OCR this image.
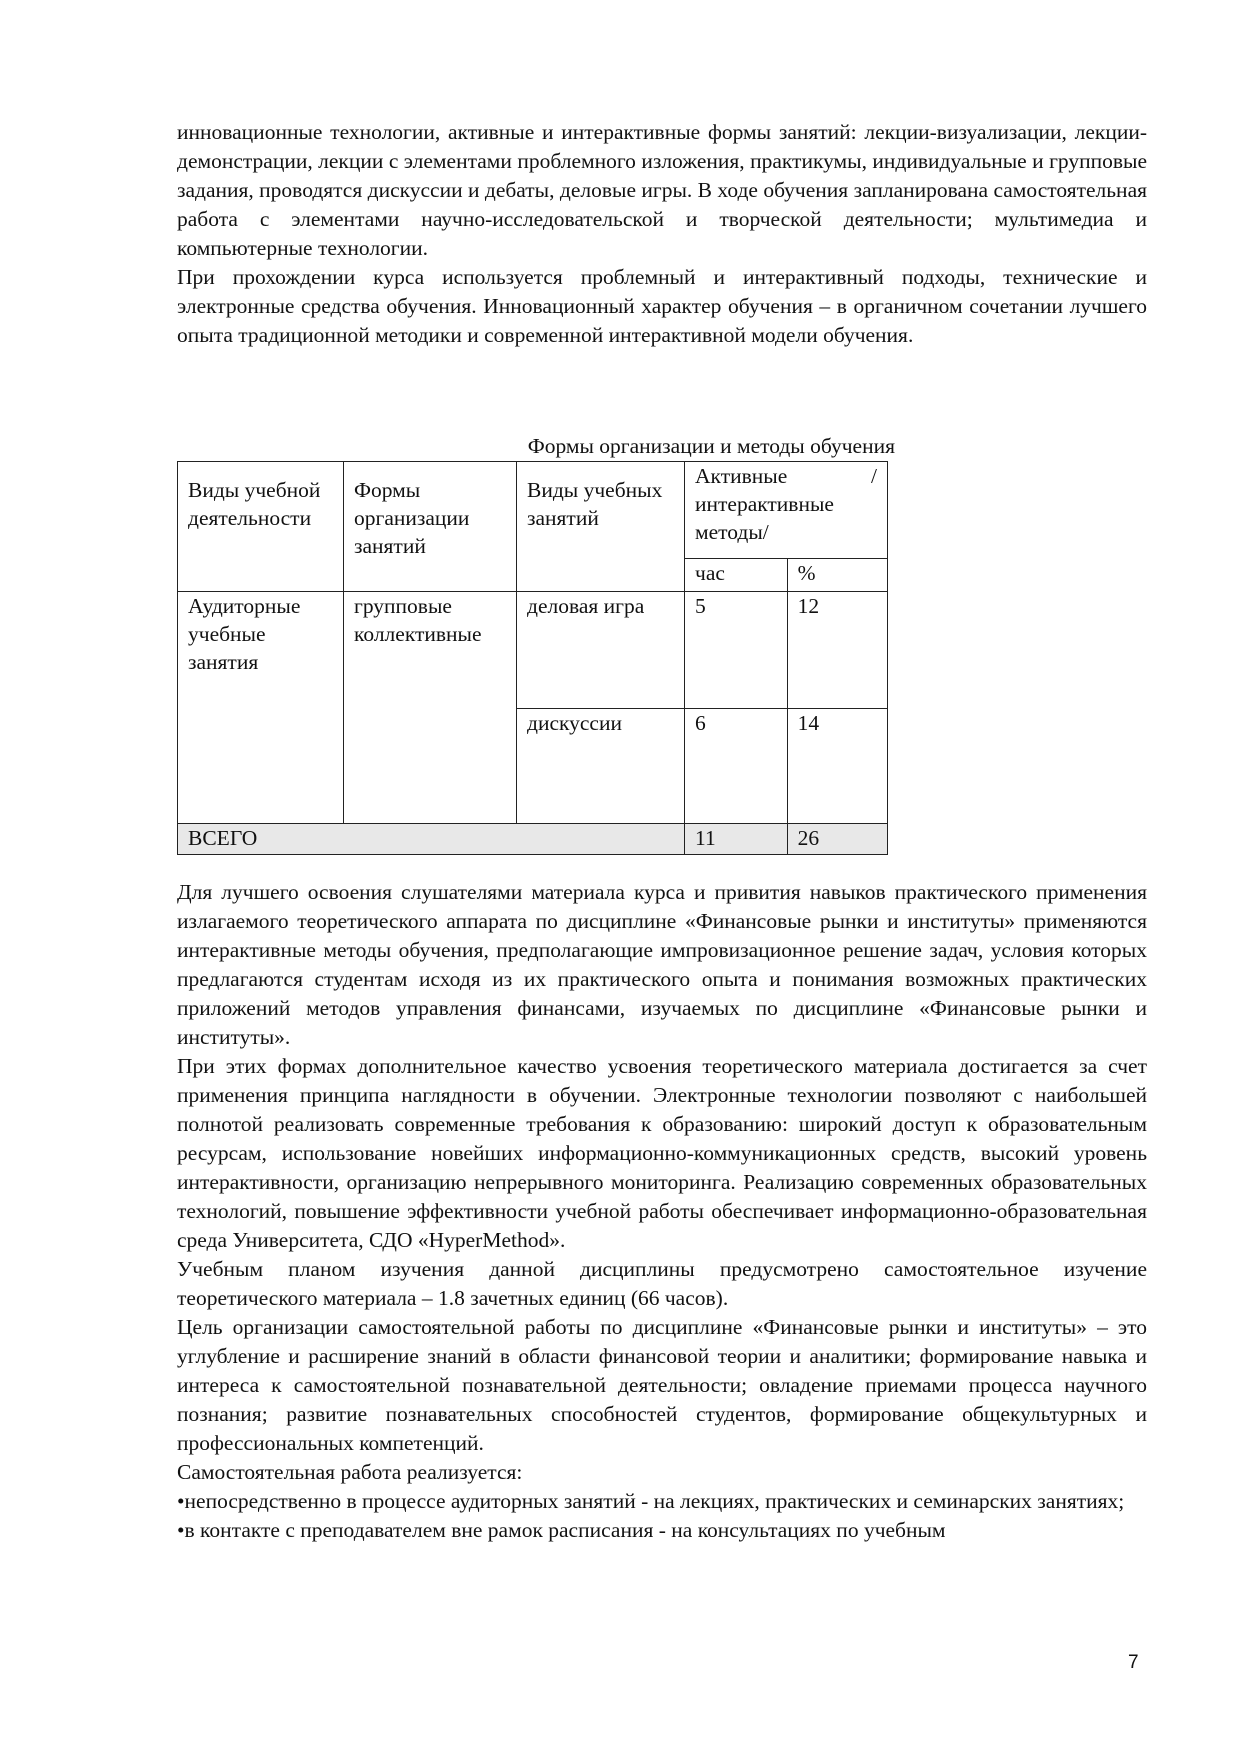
инновационные технологии, активные и интерактивные формы занятий: лекции-визуализации, лекции-демонстрации, лекции с элементами проблемного изложения, практикумы, индивидуальные и групповые задания, проводятся дискуссии и дебаты, деловые игры. В ходе обучения запланирована самостоятельная работа с элементами научно-исследовательской и творческой деятельности; мультимедиа и компьютерные технологии.

При прохождении курса используется проблемный и интерактивный подходы, технические и электронные средства обучения. Инновационный характер обучения – в органичном сочетании лучшего опыта традиционной методики и современной интерактивной модели обучения.

Формы организации и методы обучения
Виды учебной деятельности	Формы организации занятий	Виды учебных занятий	Активные /
интерактивные методы/	

			час	%
Аудиторные учебные занятия	групповые коллективные	деловая игра	5	12
		дискуссии	6	14
ВСЕГО			11	26

Для лучшего освоения слушателями материала курса и привития навыков практического применения излагаемого теоретического аппарата по дисциплине «Финансовые рынки и институты» применяются интерактивные методы обучения, предполагающие импровизационное решение задач, условия которых предлагаются студентам исходя из их практического опыта и понимания возможных практических приложений методов управления финансами, изучаемых по дисциплине «Финансовые рынки и институты».

При этих формах дополнительное качество усвоения теоретического материала достигается за счет применения принципа наглядности в обучении. Электронные технологии позволяют с наибольшей полнотой реализовать современные требования к образованию: широкий доступ к образовательным ресурсам, использование новейших информационно-коммуникационных средств, высокий уровень интерактивности, организацию непрерывного мониторинга. Реализацию современных образовательных технологий, повышение эффективности учебной работы обеспечивает информационно-образовательная среда Университета, СДО «HyperMethod».

Учебным планом изучения данной дисциплины предусмотрено самостоятельное изучение теоретического материала – 1.8 зачетных единиц (66 часов).

Цель организации самостоятельной работы по дисциплине «Финансовые рынки и институты» – это углубление и расширение знаний в области финансовой теории и аналитики; формирование навыка и интереса к самостоятельной познавательной деятельности; овладение приемами процесса научного познания; развитие познавательных способностей студентов, формирование общекультурных и профессиональных компетенций.

Самостоятельная работа реализуется:

•непосредственно в процессе аудиторных занятий - на лекциях, практических и семинарских занятиях;

•в контакте с преподавателем вне рамок расписания - на консультациях по учебным

7
